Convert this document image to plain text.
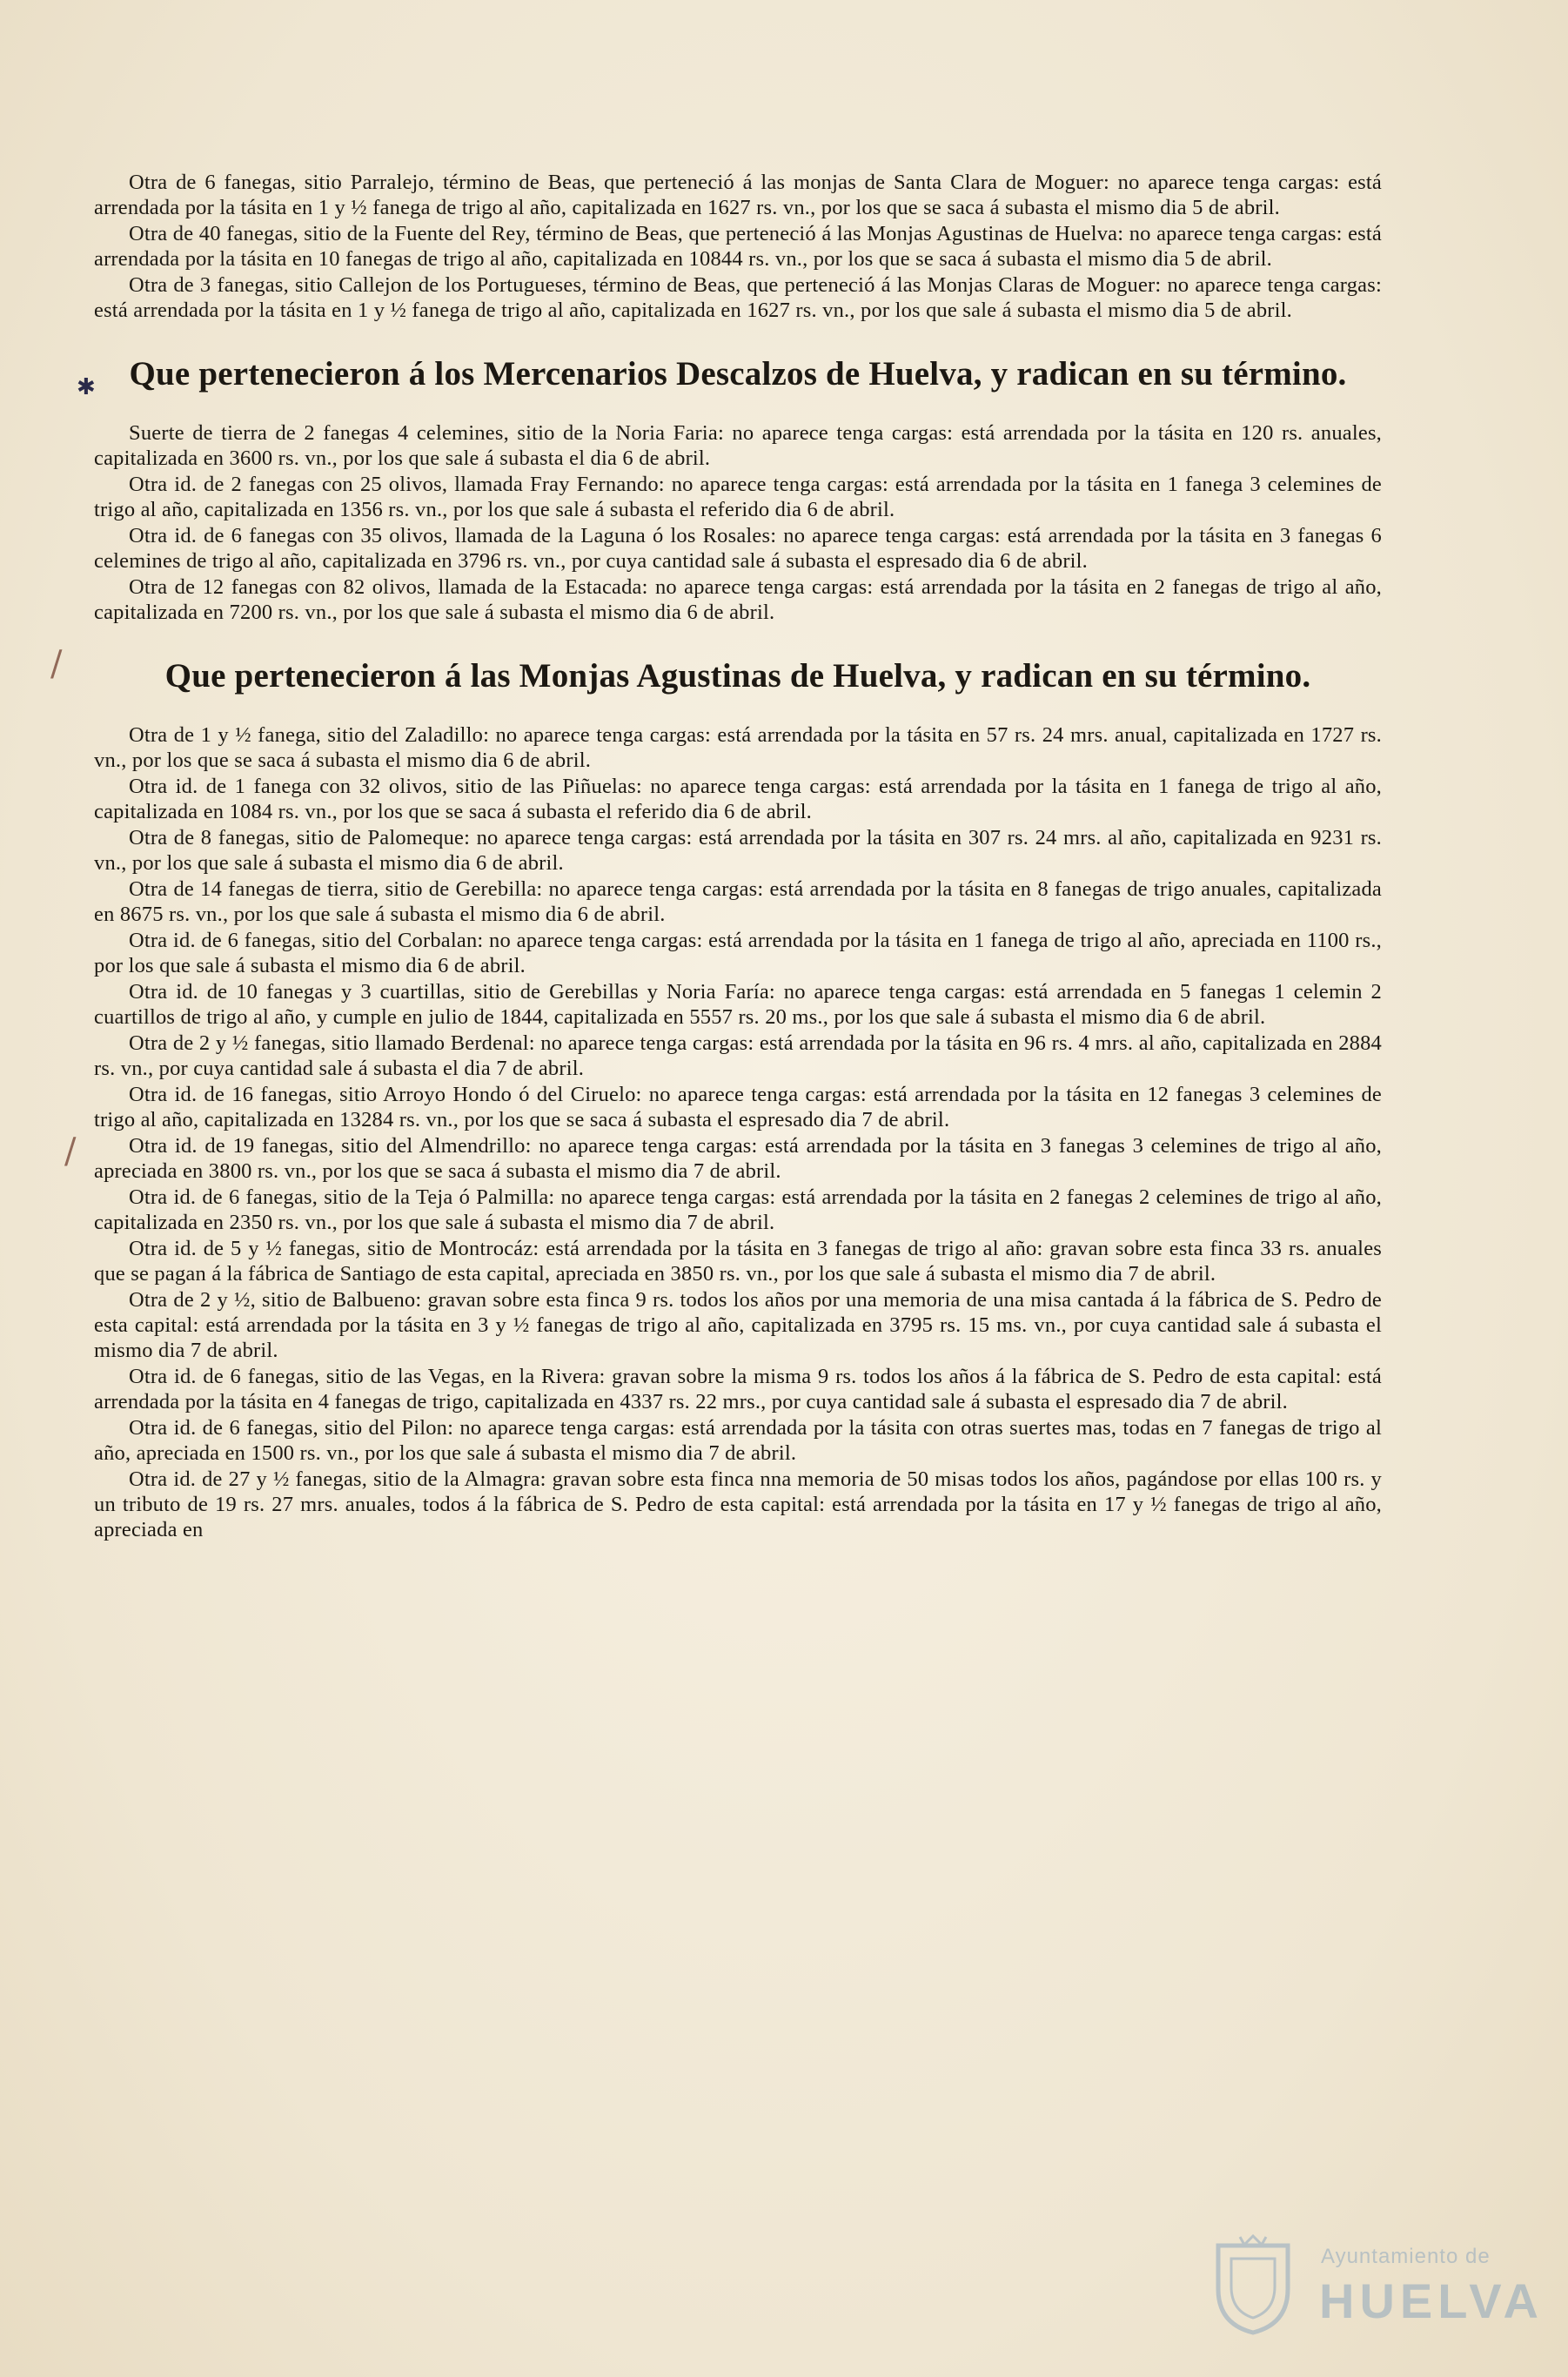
✱
/
/

Otra de 6 fanegas, sitio Parralejo, término de Beas, que perteneció á las monjas de Santa Clara de Moguer: no aparece tenga cargas: está arrendada por la tásita en 1 y ½ fanega de trigo al año, capitalizada en 1627 rs. vn., por los que se saca á subasta el mismo dia 5 de abril.

Otra de 40 fanegas, sitio de la Fuente del Rey, término de Beas, que perteneció á las Monjas Agustinas de Huelva: no aparece tenga cargas: está arrendada por la tásita en 10 fanegas de trigo al año, capitalizada en 10844 rs. vn., por los que se saca á subasta el mismo dia 5 de abril.

Otra de 3 fanegas, sitio Callejon de los Portugueses, término de Beas, que perteneció á las Monjas Claras de Moguer: no aparece tenga cargas: está arrendada por la tásita en 1 y ½ fanega de trigo al año, capitalizada en 1627 rs. vn., por los que sale á subasta el mismo dia 5 de abril.

Que pertenecieron á los Mercenarios Descalzos de Huelva, y radican en su término.

Suerte de tierra de 2 fanegas 4 celemines, sitio de la Noria Faria: no aparece tenga cargas: está arrendada por la tásita en 120 rs. anuales, capitalizada en 3600 rs. vn., por los que sale á subasta el dia 6 de abril.

Otra id. de 2 fanegas con 25 olivos, llamada Fray Fernando: no aparece tenga cargas: está arrendada por la tásita en 1 fanega 3 celemines de trigo al año, capitalizada en 1356 rs. vn., por los que sale á subasta el referido dia 6 de abril.

Otra id. de 6 fanegas con 35 olivos, llamada de la Laguna ó los Rosales: no aparece tenga cargas: está arrendada por la tásita en 3 fanegas 6 celemines de trigo al año, capitalizada en 3796 rs. vn., por cuya cantidad sale á subasta el espresado dia 6 de abril.

Otra de 12 fanegas con 82 olivos, llamada de la Estacada: no aparece tenga cargas: está arrendada por la tásita en 2 fanegas de trigo al año, capitalizada en 7200 rs. vn., por los que sale á subasta el mismo dia 6 de abril.

Que pertenecieron á las Monjas Agustinas de Huelva, y radican en su término.

Otra de 1 y ½ fanega, sitio del Zaladillo: no aparece tenga cargas: está arrendada por la tásita en 57 rs. 24 mrs. anual, capitalizada en 1727 rs. vn., por los que se saca á subasta el mismo dia 6 de abril.

Otra id. de 1 fanega con 32 olivos, sitio de las Piñuelas: no aparece tenga cargas: está arrendada por la tásita en 1 fanega de trigo al año, capitalizada en 1084 rs. vn., por los que se saca á subasta el referido dia 6 de abril.

Otra de 8 fanegas, sitio de Palomeque: no aparece tenga cargas: está arrendada por la tásita en 307 rs. 24 mrs. al año, capitalizada en 9231 rs. vn., por los que sale á subasta el mismo dia 6 de abril.

Otra de 14 fanegas de tierra, sitio de Gerebilla: no aparece tenga cargas: está arrendada por la tásita en 8 fanegas de trigo anuales, capitalizada en 8675 rs. vn., por los que sale á subasta el mismo dia 6 de abril.

Otra id. de 6 fanegas, sitio del Corbalan: no aparece tenga cargas: está arrendada por la tásita en 1 fanega de trigo al año, apreciada en 1100 rs., por los que sale á subasta el mismo dia 6 de abril.

Otra id. de 10 fanegas y 3 cuartillas, sitio de Gerebillas y Noria Faría: no aparece tenga cargas: está arrendada en 5 fanegas 1 celemin 2 cuartillos de trigo al año, y cumple en julio de 1844, capitalizada en 5557 rs. 20 ms., por los que sale á subasta el mismo dia 6 de abril.

Otra de 2 y ½ fanegas, sitio llamado Berdenal: no aparece tenga cargas: está arrendada por la tásita en 96 rs. 4 mrs. al año, capitalizada en 2884 rs. vn., por cuya cantidad sale á subasta el dia 7 de abril.

Otra id. de 16 fanegas, sitio Arroyo Hondo ó del Ciruelo: no aparece tenga cargas: está arrendada por la tásita en 12 fanegas 3 celemines de trigo al año, capitalizada en 13284 rs. vn., por los que se saca á subasta el espresado dia 7 de abril.

Otra id. de 19 fanegas, sitio del Almendrillo: no aparece tenga cargas: está arrendada por la tásita en 3 fanegas 3 celemines de trigo al año, apreciada en 3800 rs. vn., por los que se saca á subasta el mismo dia 7 de abril.

Otra id. de 6 fanegas, sitio de la Teja ó Palmilla: no aparece tenga cargas: está arrendada por la tásita en 2 fanegas 2 celemines de trigo al año, capitalizada en 2350 rs. vn., por los que sale á subasta el mismo dia 7 de abril.

Otra id. de 5 y ½ fanegas, sitio de Montrocáz: está arrendada por la tásita en 3 fanegas de trigo al año: gravan sobre esta finca 33 rs. anuales que se pagan á la fábrica de Santiago de esta capital, apreciada en 3850 rs. vn., por los que sale á subasta el mismo dia 7 de abril.

Otra de 2 y ½, sitio de Balbueno: gravan sobre esta finca 9 rs. todos los años por una memoria de una misa cantada á la fábrica de S. Pedro de esta capital: está arrendada por la tásita en 3 y ½ fanegas de trigo al año, capitalizada en 3795 rs. 15 ms. vn., por cuya cantidad sale á subasta el mismo dia 7 de abril.

Otra id. de 6 fanegas, sitio de las Vegas, en la Rivera: gravan sobre la misma 9 rs. todos los años á la fábrica de S. Pedro de esta capital: está arrendada por la tásita en 4 fanegas de trigo, capitalizada en 4337 rs. 22 mrs., por cuya cantidad sale á subasta el espresado dia 7 de abril.

Otra id. de 6 fanegas, sitio del Pilon: no aparece tenga cargas: está arrendada por la tásita con otras suertes mas, todas en 7 fanegas de trigo al año, apreciada en 1500 rs. vn., por los que sale á subasta el mismo dia 7 de abril.

Otra id. de 27 y ½ fanegas, sitio de la Almagra: gravan sobre esta finca nna memoria de 50 misas todos los años, pagándose por ellas 100 rs. y un tributo de 19 rs. 27 mrs. anuales, todos á la fábrica de S. Pedro de esta capital: está arrendada por la tásita en 17 y ½ fanegas de trigo al año, apreciada en

Ayuntamiento de
HUELVA
